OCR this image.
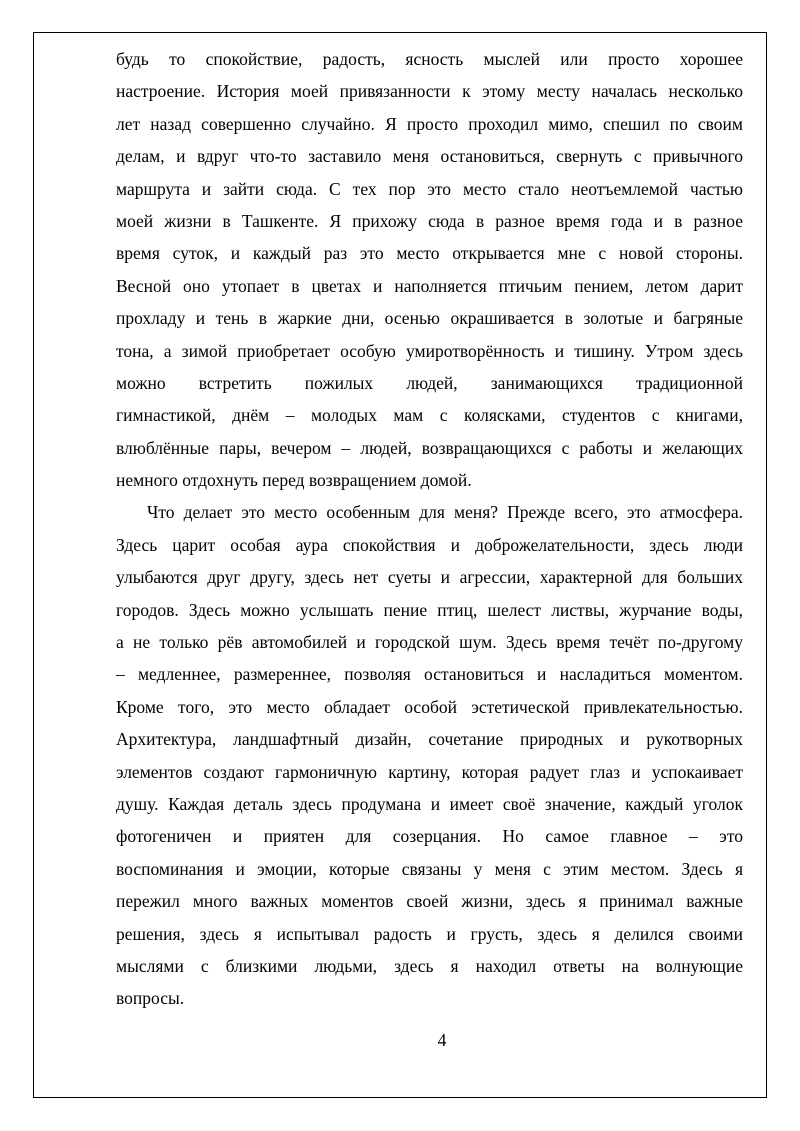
будь то спокойствие, радость, ясность мыслей или просто хорошее
настроение. История моей привязанности к этому месту началась несколько
лет назад совершенно случайно. Я просто проходил мимо, спешил по своим
делам, и вдруг что-то заставило меня остановиться, свернуть с привычного
маршрута и зайти сюда. С тех пор это место стало неотъемлемой частью
моей жизни в Ташкенте. Я прихожу сюда в разное время года и в разное
время суток, и каждый раз это место открывается мне с новой стороны.
Весной оно утопает в цветах и наполняется птичьим пением, летом дарит
прохладу и тень в жаркие дни, осенью окрашивается в золотые и багряные
тона, а зимой приобретает особую умиротворённость и тишину. Утром здесь
можно встретить пожилых людей, занимающихся традиционной
гимнастикой, днём – молодых мам с колясками, студентов с книгами,
влюблённые пары, вечером – людей, возвращающихся с работы и желающих
немного отдохнуть перед возвращением домой.
Что делает это место особенным для меня? Прежде всего, это атмосфера.
Здесь царит особая аура спокойствия и доброжелательности, здесь люди
улыбаются друг другу, здесь нет суеты и агрессии, характерной для больших
городов. Здесь можно услышать пение птиц, шелест листвы, журчание воды,
а не только рёв автомобилей и городской шум. Здесь время течёт по-другому
– медленнее, размереннее, позволяя остановиться и насладиться моментом.
Кроме того, это место обладает особой эстетической привлекательностью.
Архитектура, ландшафтный дизайн, сочетание природных и рукотворных
элементов создают гармоничную картину, которая радует глаз и успокаивает
душу. Каждая деталь здесь продумана и имеет своё значение, каждый уголок
фотогеничен и приятен для созерцания. Но самое главное – это
воспоминания и эмоции, которые связаны у меня с этим местом. Здесь я
пережил много важных моментов своей жизни, здесь я принимал важные
решения, здесь я испытывал радость и грусть, здесь я делился своими
мыслями с близкими людьми, здесь я находил ответы на волнующие
вопросы.
4
